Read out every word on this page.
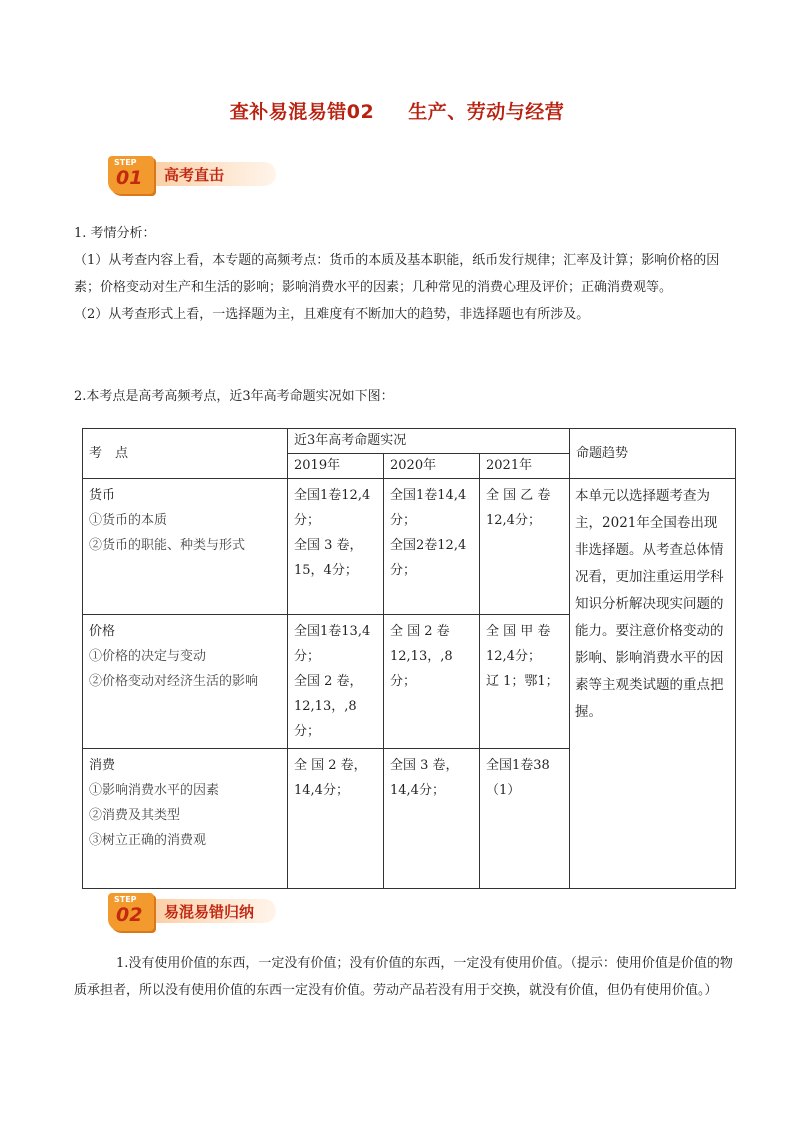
查补易混易错02 生产、劳动与经营
高考直击
STEP
01

1. 考情分析：

（1）从考查内容上看，本专题的高频考点：货币的本质及基本职能，纸币发行规律；汇率及计算；影响价格的因素；价格变动对生产和生活的影响；影响消费水平的因素；几种常见的消费心理及评价；正确消费观等。

（2）从考查形式上看，一选择题为主，且难度有不断加大的趋势，非选择题也有所涉及。

2.本考点是高考高频考点，近3年高考命题实况如下图：
考　点	近3年高考命题实况			命题趋势
	2019年	2020年	2021年	

货币
①货币的本质
②货币的职能、种类与形式	全国1卷12,4
分；
全国 3 卷，
15，4分；	全国1卷14,4
分；
全国2卷12,4
分；	全 国 乙 卷
12,4分；	本单元以选择题考查为主，2021年全国卷出现非选择题。从考查总体情况看，更加注重运用学科知识分析解决现实问题的能力。要注意价格变动的影响、影响消费水平的因素等主观类试题的重点把握。

价格
①价格的决定与变动
②价格变动对经济生活的影响	全国1卷13,4
分；
全国 2 卷，
12,13，,8分；	全 国 2 卷
12,13，,8分；	全 国 甲 卷
12,4分；
辽 1；鄂1；	

消费
①影响消费水平的因素
②消费及其类型
③树立正确的消费观	全 国 2 卷，
14,4分；	全国 3 卷，
14,4分；	全国1卷38
（1）	
易混易错归纳
STEP
02

1.没有使用价值的东西，一定没有价值；没有价值的东西，一定没有使用价值。（提示：使用价值是价值的物质承担者，所以没有使用价值的东西一定没有价值。劳动产品若没有用于交换，就没有价值，但仍有使用价值。）
